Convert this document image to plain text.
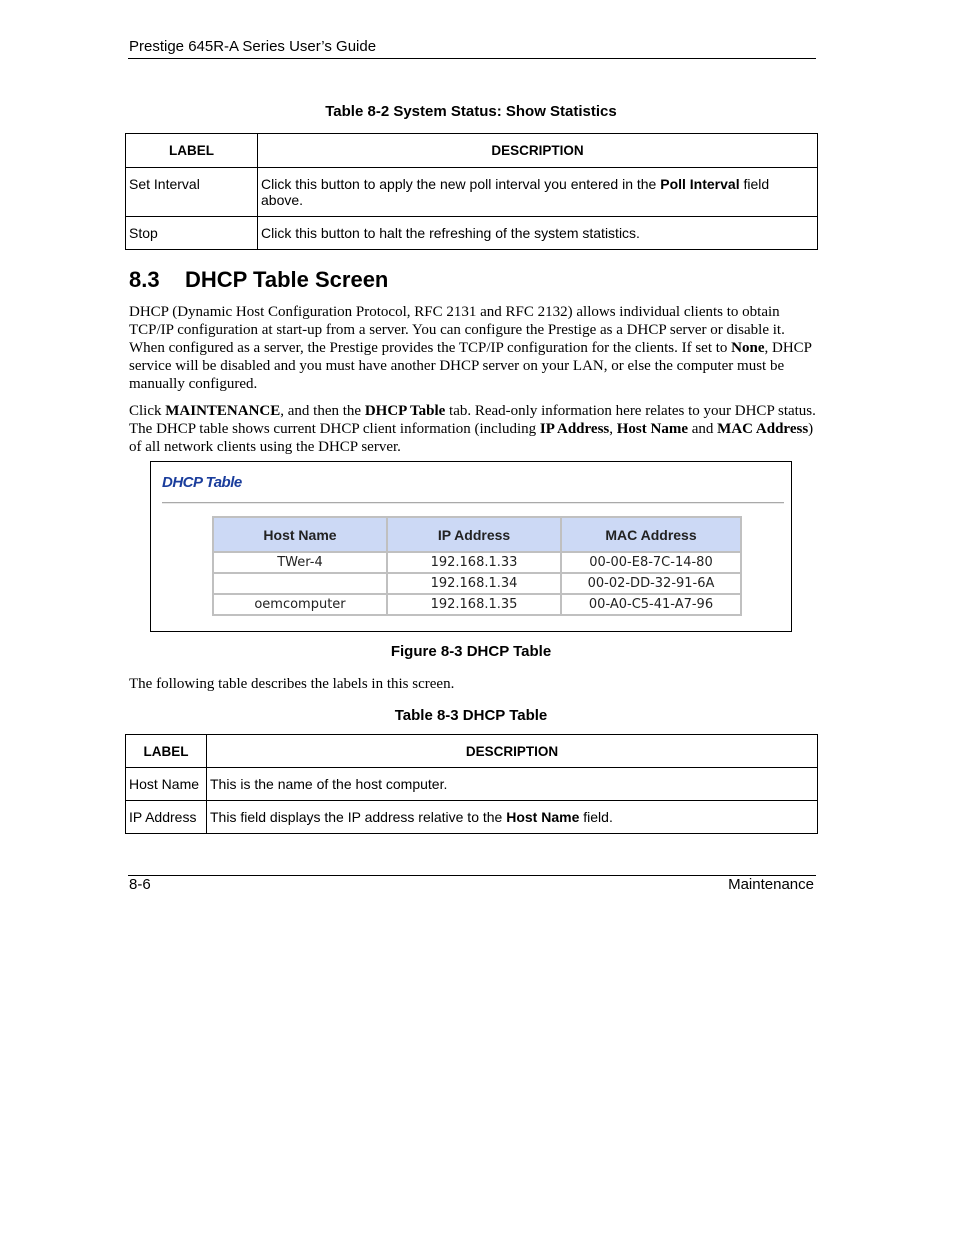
Prestige 645R-A Series User’s Guide
Table 8-2 System Status: Show Statistics
LABEL	DESCRIPTION
Set Interval	Click this button to apply the new poll interval you entered in the Poll Interval field above.
Stop	Click this button to halt the refreshing of the system statistics.
8.3 DHCP Table Screen
DHCP (Dynamic Host Configuration Protocol, RFC 2131 and RFC 2132) allows individual clients to obtain TCP/IP configuration at start-up from a server. You can configure the Prestige as a DHCP server or disable it. When configured as a server, the Prestige provides the TCP/IP configuration for the clients. If set to None, DHCP service will be disabled and you must have another DHCP server on your LAN, or else the computer must be manually configured.
Click MAINTENANCE, and then the DHCP Table tab. Read-only information here relates to your DHCP status. The DHCP table shows current DHCP client information (including IP Address, Host Name and MAC Address) of all network clients using the DHCP server.
DHCP Table
Host Name	IP Address	MAC Address
TWer-4	192.168.1.33	00-00-E8-7C-14-80
	192.168.1.34	00-02-DD-32-91-6A
oemcomputer	192.168.1.35	00-A0-C5-41-A7-96
Figure 8-3 DHCP Table
The following table describes the labels in this screen.
Table 8-3 DHCP Table
LABEL	DESCRIPTION
Host Name	This is the name of the host computer.
IP Address	This field displays the IP address relative to the Host Name field.
8-6	Maintenance
